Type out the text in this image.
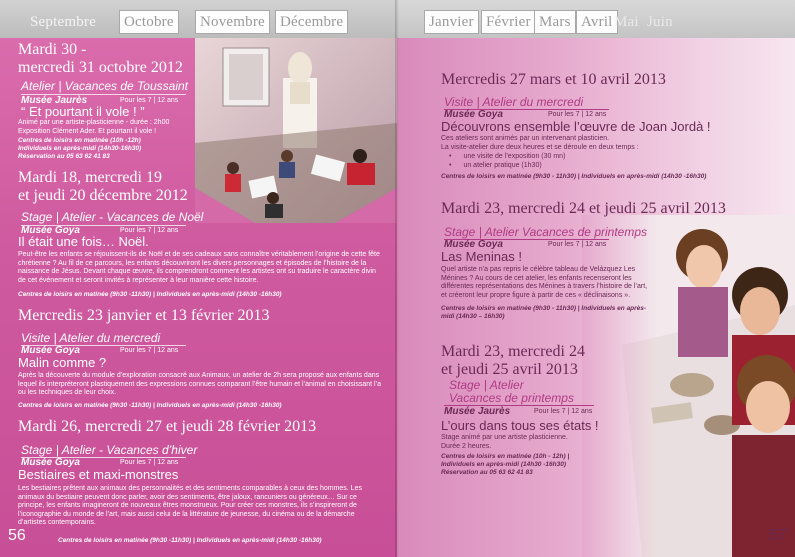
Septembre	Octobre	Novembre	Décembre

Mardi 30 -
mercredi 31 octobre 2012

Atelier | Vacances de Toussaint
Musée Jaurès	Pour les 7 | 12 ans
“ Et pourtant il vole ! ”
Animé par une artiste-plasticienne - durée : 2h00
Exposition Clément Ader. Et pourtant il vole !
Centres de loisirs en matinée (10h -12h)
Individuels en après-midi (14h30-16h30)
Réservation au 05 63 62 41 83

Mardi 18, mercredi 19
et jeudi 20 décembre 2012

Stage | Atelier - Vacances de Noël
Musée Goya	Pour les 7 | 12 ans
Il était une fois… Noël.
Peut-être les enfants se réjouissent-ils de Noël et de ses cadeaux sans connaître véritablement l’origine de cette fête chrétienne ? Au fil de ce parcours, les enfants découvriront les divers personnages et épisodes de l’histoire de la naissance de Jésus. Devant chaque œuvre, ils comprendront comment les artistes ont su traduire le caractère divin de cet événement et seront invités à représenter à leur manière cette histoire.
Centres de loisirs en matinée (9h30 -11h30) | Individuels en après-midi (14h30 -16h30)

Mercredis 23 janvier et 13 février 2013

Visite | Atelier du mercredi
Musée Goya	Pour les 7 | 12 ans
Malin comme ?
Après la découverte du module d’exploration consacré aux Animaux, un atelier de 2h sera proposé aux enfants dans lequel ils interpréteront plastiquement des expressions connues comparant l’être humain et l’animal en choisissant l’a ou les techniques de leur choix.
Centres de loisirs en matinée (9h30 -11h30) | Individuels en après-midi (14h30 -16h30)

Mardi 26, mercredi 27 et jeudi 28 février 2013

Stage | Atelier - Vacances d’hiver
Musée Goya	Pour les 7 | 12 ans
Bestiaires et maxi-monstres
Les bestiaires prêtent aux animaux des personnalités et des sentiments comparables à ceux des hommes. Les animaux du bestiaire peuvent donc parler, avoir des sentiments, être jaloux, rancuniers ou généreux… Sur ce principe, les enfants imagineront de nouveaux êtres monstrueux. Pour créer ces monstres, ils s’inspireront de l’iconographie du monde de l’art, mais aussi celui de la littérature de jeunesse, du cinéma ou de la démarche d’artistes contemporains.
Centres de loisirs en matinée (9h30 -11h30) | Individuels en après-midi (14h30 -16h30)
56
Janvier Février Mars Avril Mai Juin

Mercredis 27 mars et 10 avril 2013

Visite | Atelier du mercredi
Musée Goya	Pour les 7 | 12 ans
Découvrons ensemble l’œuvre de Joan Jordà !
Ces ateliers sont animés par un intervenant plasticien.
La visite-atelier dure deux heures et se déroule en deux temps :
• une visite de l’exposition (30 mn)
• un atelier pratique (1h30)
Centres de loisirs en matinée (9h30 - 11h30) | Individuels en après-midi (14h30 -16h30)

Mardi 23, mercredi 24 et jeudi 25 avril 2013

Stage | Atelier Vacances de printemps
Musée Goya	Pour les 7 | 12 ans
Las Meninas !
Quel artiste n’a pas repris le célèbre tableau de Velázquez Les Ménines ? Au cours de cet atelier, les enfants recenseront les différentes représentations des Ménines à travers l’histoire de l’art, et créeront leur propre figure à partir de ces « déclinaisons ».
Centres de loisirs en matinée (9h30 - 11h30) | Individuels en après-midi (14h30 – 16h30)

Mardi 23, mercredi 24
et jeudi 25 avril 2013

Stage | Atelier
Vacances de printemps
Musée Jaurès	Pour les 7 | 12 ans
L’ours dans tous ses états !
Stage animé par une artiste plasticienne.
Durée 2 heures.
Centres de loisirs en matinée (10h - 12h) |
Individuels en après-midi (14h30 -16h30)
Réservation au 05 63 62 41 83
57
